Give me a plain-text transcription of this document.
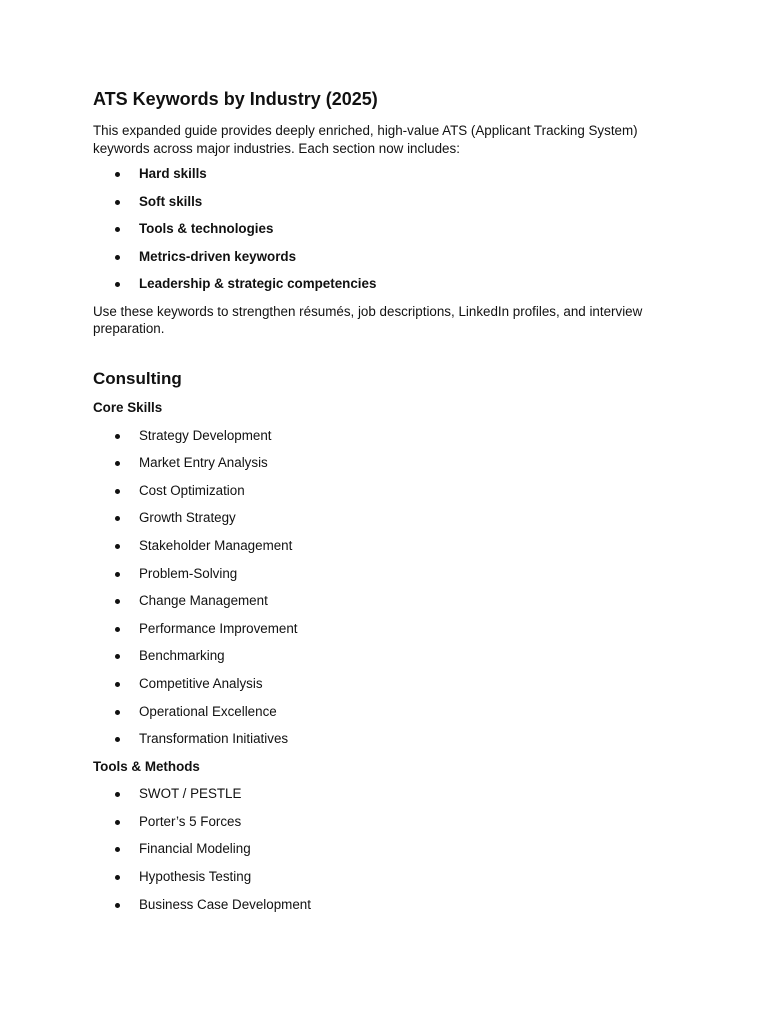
ATS Keywords by Industry (2025)

This expanded guide provides deeply enriched, high-value ATS (Applicant Tracking System) keywords across major industries. Each section now includes:

Hard skills
Soft skills
Tools & technologies
Metrics-driven keywords
Leadership & strategic competencies

Use these keywords to strengthen résumés, job descriptions, LinkedIn profiles, and interview preparation.

Consulting
Core Skills
Strategy Development
Market Entry Analysis
Cost Optimization
Growth Strategy
Stakeholder Management
Problem-Solving
Change Management
Performance Improvement
Benchmarking
Competitive Analysis
Operational Excellence
Transformation Initiatives
Tools & Methods
SWOT / PESTLE
Porter’s 5 Forces
Financial Modeling
Hypothesis Testing
Business Case Development
